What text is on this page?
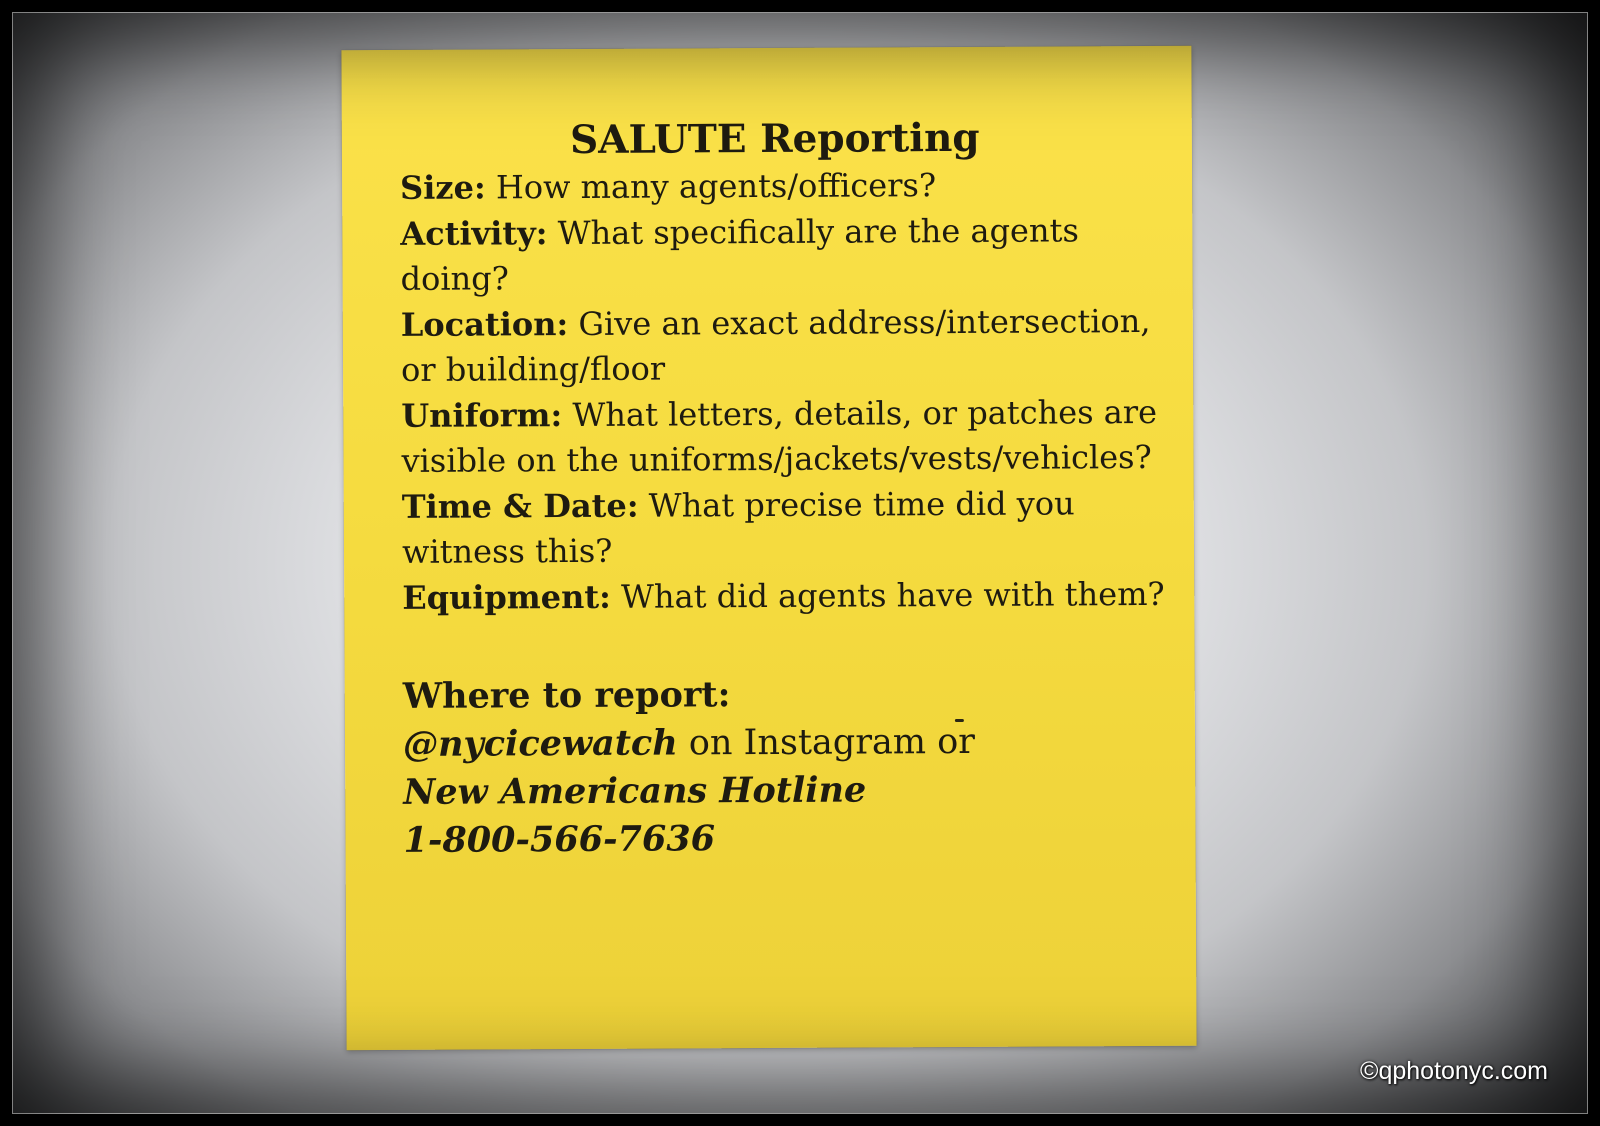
SALUTE Reporting

Size: How many agents/officers?

Activity: What specifically are the agents doing?

Location: Give an exact address/intersection, or building/floor

Uniform: What letters, details, or patches are visible on the uniforms/jackets/vests/vehicles?

Time & Date: What precise time did you witness this?

Equipment: What did agents have with them?

Where to report:

@nycicewatch on Instagram or

New Americans Hotline

1-800-566-7636

©qphotonyc.com
